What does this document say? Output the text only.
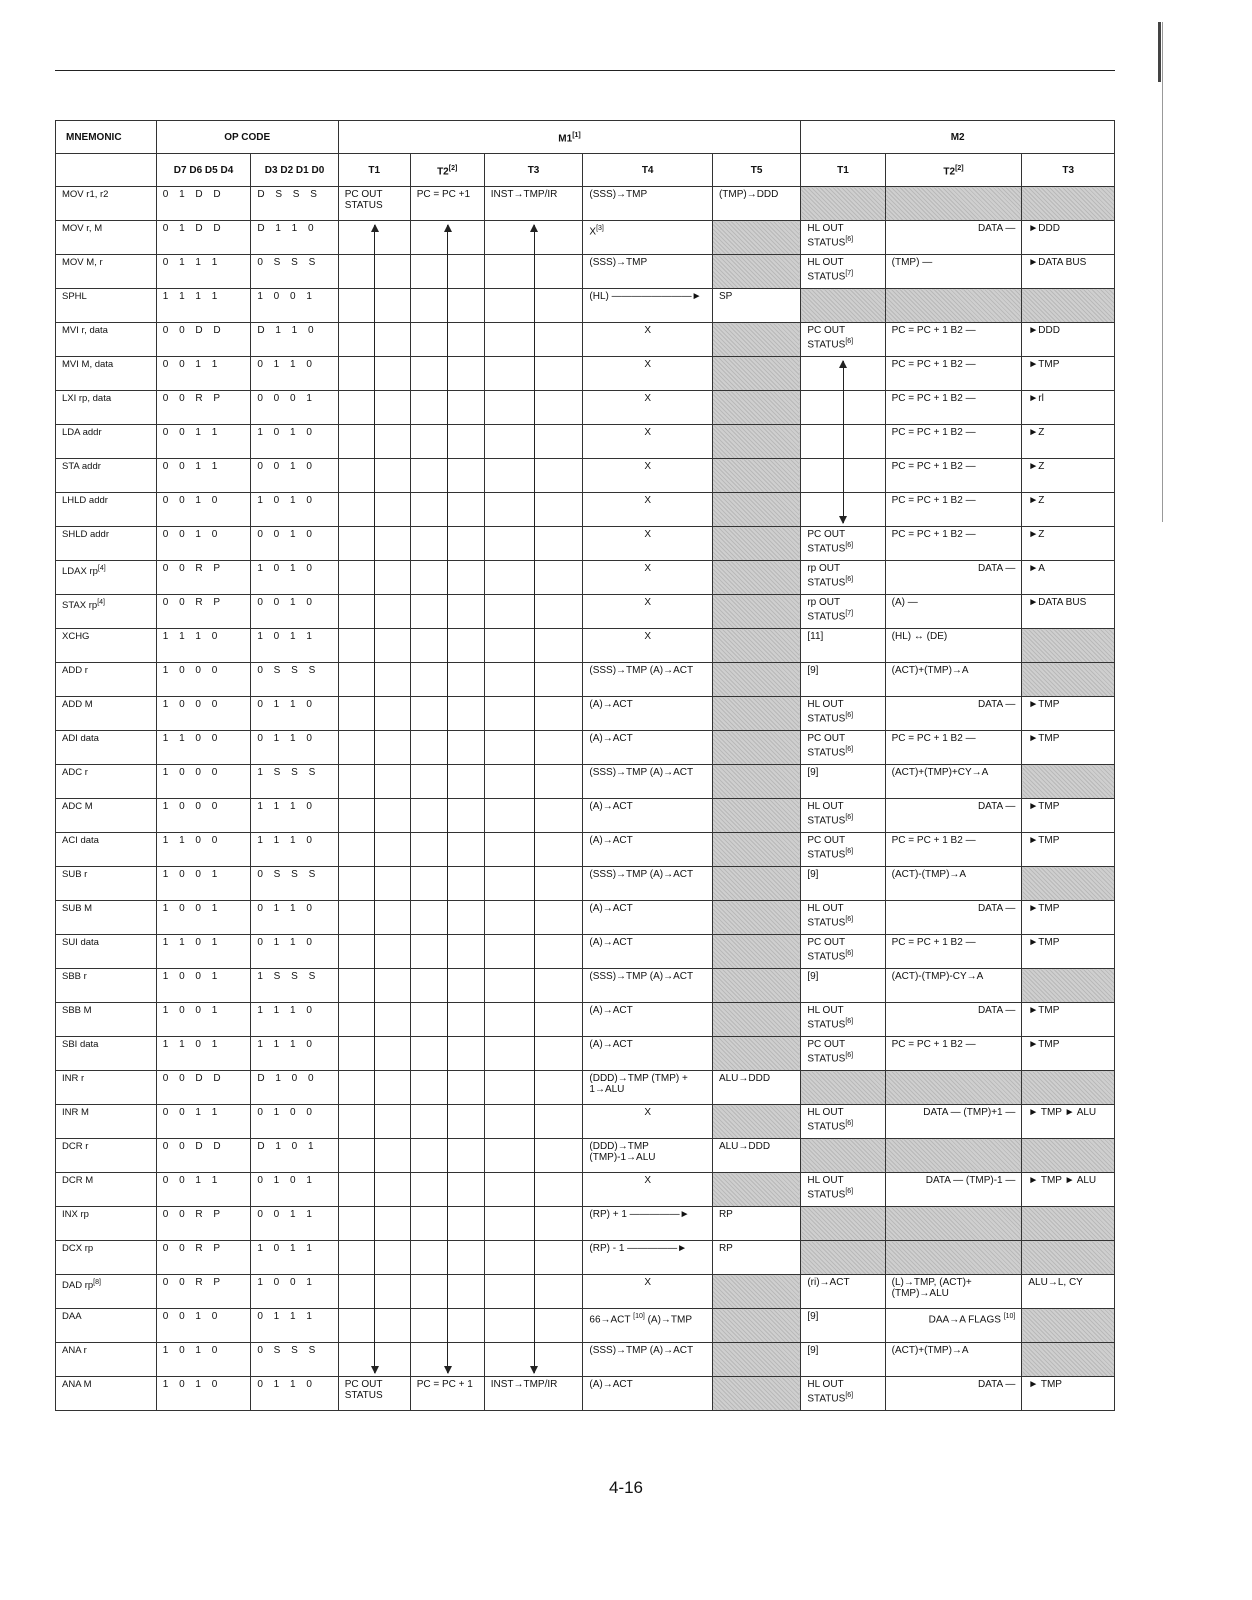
MNEMONIC	OP CODE		M1[1]					M2		
	D7 D6 D5 D4	D3 D2 D1 D0	T1	T2[2]	T3	T4	T5	T1	T2[2]	T3
MOV r1, r2	0 1 D D	D S S S	PC OUT STATUS	PC = PC +1	INST→TMP/IR	(SSS)→TMP	(TMP)→DDD			
MOV r, M	0 1 D D	D 1 1 0				X[3]		HL OUT STATUS[6]	DATA —	►DDD
MOV M, r	0 1 1 1	0 S S S				(SSS)→TMP		HL OUT STATUS[7]	(TMP) —	►DATA BUS
SPHL	1 1 1 1	1 0 0 1				(HL) ————————►	SP			
MVI r, data	0 0 D D	D 1 1 0				X		PC OUT STATUS[6]	PC = PC + 1 B2 —	►DDD
MVI M, data	0 0 1 1	0 1 1 0				X			PC = PC + 1 B2 —	►TMP
LXI rp, data	0 0 R P	0 0 0 1				X			PC = PC + 1 B2 —	►rl
LDA addr	0 0 1 1	1 0 1 0				X			PC = PC + 1 B2 —	►Z
STA addr	0 0 1 1	0 0 1 0				X			PC = PC + 1 B2 —	►Z
LHLD addr	0 0 1 0	1 0 1 0				X			PC = PC + 1 B2 —	►Z
SHLD addr	0 0 1 0	0 0 1 0				X		PC OUT STATUS[6]	PC = PC + 1 B2 —	►Z
LDAX rp[4]	0 0 R P	1 0 1 0				X		rp OUT STATUS[6]	DATA —	►A
STAX rp[4]	0 0 R P	0 0 1 0				X		rp OUT STATUS[7]	(A) —	►DATA BUS
XCHG	1 1 1 0	1 0 1 1				X		[11]	(HL) ↔ (DE)	
ADD r	1 0 0 0	0 S S S				(SSS)→TMP (A)→ACT		[9]	(ACT)+(TMP)→A	
ADD M	1 0 0 0	0 1 1 0				(A)→ACT		HL OUT STATUS[6]	DATA —	►TMP
ADI data	1 1 0 0	0 1 1 0				(A)→ACT		PC OUT STATUS[6]	PC = PC + 1 B2 —	►TMP
ADC r	1 0 0 0	1 S S S				(SSS)→TMP (A)→ACT		[9]	(ACT)+(TMP)+CY→A	
ADC M	1 0 0 0	1 1 1 0				(A)→ACT		HL OUT STATUS[6]	DATA —	►TMP
ACI data	1 1 0 0	1 1 1 0				(A)→ACT		PC OUT STATUS[6]	PC = PC + 1 B2 —	►TMP
SUB r	1 0 0 1	0 S S S				(SSS)→TMP (A)→ACT		[9]	(ACT)-(TMP)→A	
SUB M	1 0 0 1	0 1 1 0				(A)→ACT		HL OUT STATUS[6]	DATA —	►TMP
SUI data	1 1 0 1	0 1 1 0				(A)→ACT		PC OUT STATUS[6]	PC = PC + 1 B2 —	►TMP
SBB r	1 0 0 1	1 S S S				(SSS)→TMP (A)→ACT		[9]	(ACT)-(TMP)-CY→A	
SBB M	1 0 0 1	1 1 1 0				(A)→ACT		HL OUT STATUS[6]	DATA —	►TMP
SBI data	1 1 0 1	1 1 1 0				(A)→ACT		PC OUT STATUS[6]	PC = PC + 1 B2 —	►TMP
INR r	0 0 D D	D 1 0 0				(DDD)→TMP (TMP) + 1→ALU	ALU→DDD			
INR M	0 0 1 1	0 1 0 0				X		HL OUT STATUS[6]	DATA — (TMP)+1 —	► TMP ► ALU
DCR r	0 0 D D	D 1 0 1				(DDD)→TMP (TMP)-1→ALU	ALU→DDD			
DCR M	0 0 1 1	0 1 0 1				X		HL OUT STATUS[6]	DATA — (TMP)-1 —	► TMP ► ALU
INX rp	0 0 R P	0 0 1 1				(RP) + 1 —————►	RP			
DCX rp	0 0 R P	1 0 1 1				(RP) - 1 —————►	RP			
DAD rp[8]	0 0 R P	1 0 0 1				X		(ri)→ACT	(L)→TMP, (ACT)+(TMP)→ALU	ALU→L, CY
DAA	0 0 1 0	0 1 1 1				66→ACT [10] (A)→TMP		[9]	DAA→A FLAGS [10]	
ANA r	1 0 1 0	0 S S S				(SSS)→TMP (A)→ACT		[9]	(ACT)+(TMP)→A	
ANA M	1 0 1 0	0 1 1 0	PC OUT STATUS	PC = PC + 1	INST→TMP/IR	(A)→ACT		HL OUT STATUS[6]	DATA —	► TMP
4-16
